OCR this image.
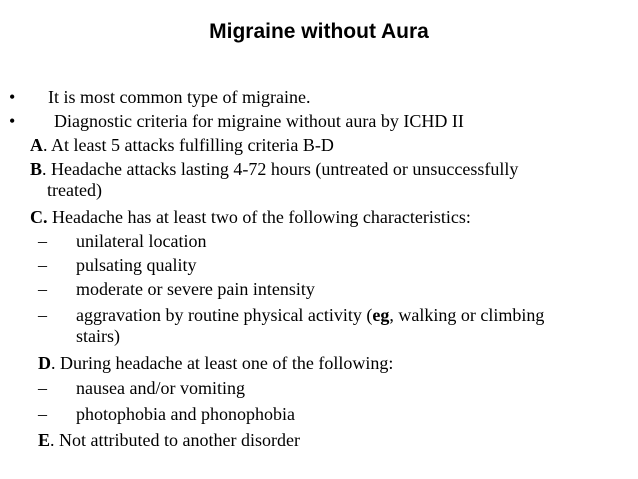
Migraine without Aura
• It is most common type of migraine.
• Diagnostic criteria for migraine without aura by ICHD II
A. At least 5 attacks fulfilling criteria B-D
B. Headache attacks lasting 4-72 hours (untreated or unsuccessfully
treated)
C. Headache has at least two of the following characteristics:
– unilateral location
– pulsating quality
– moderate or severe pain intensity
– aggravation by routine physical activity (eg, walking or climbing
stairs)
D. During headache at least one of the following:
– nausea and/or vomiting
– photophobia and phonophobia
E. Not attributed to another disorder
